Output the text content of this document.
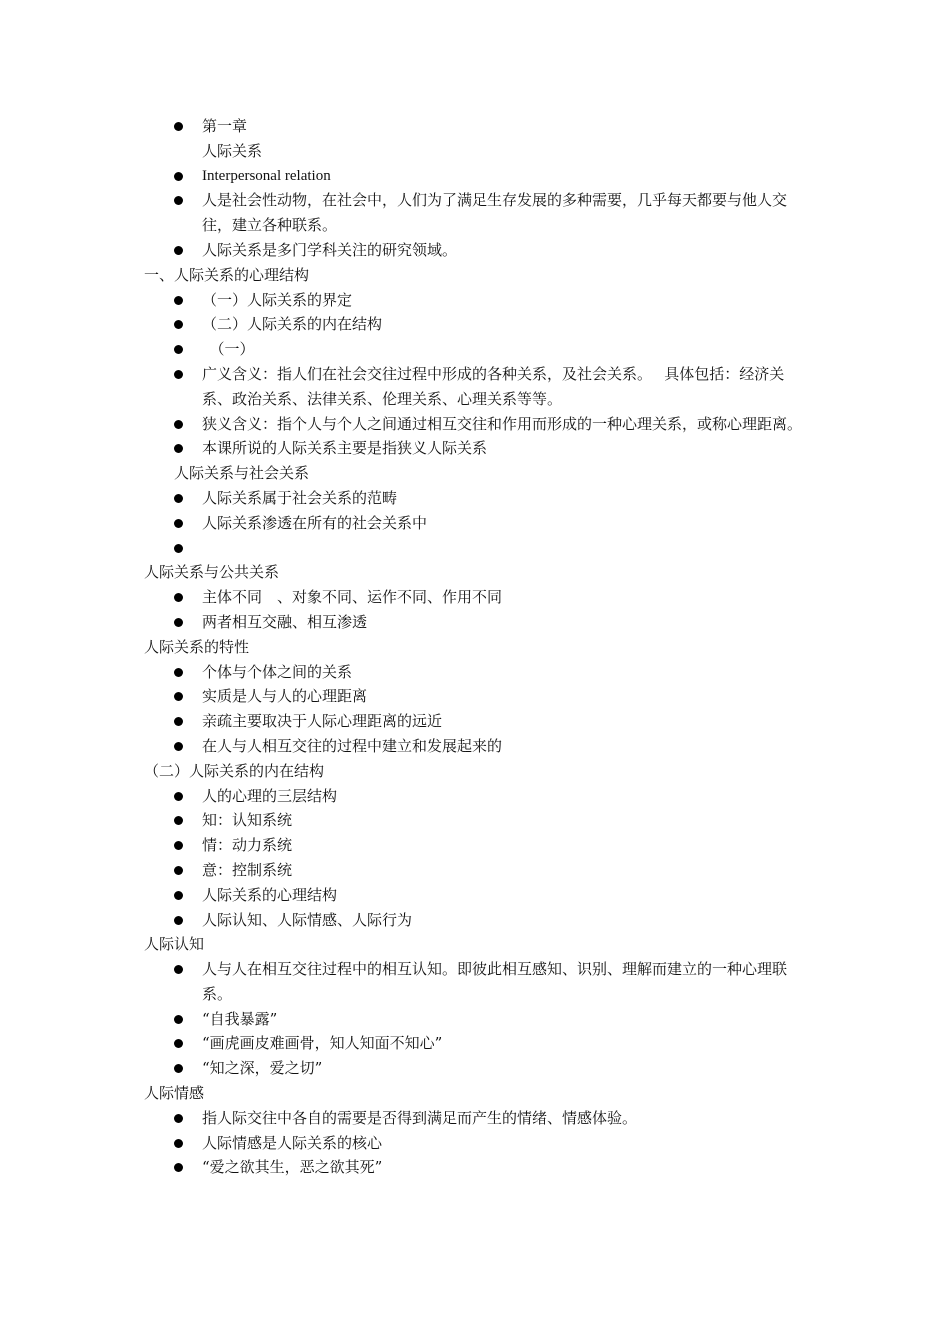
第一章
人际关系
Interpersonal relation
人是社会性动物，在社会中，人们为了满足生存发展的多种需要，几乎每天都要与他人交往，建立各种联系。
人际关系是多门学科关注的研究领域。
一、人际关系的心理结构
（一）人际关系的界定
（二）人际关系的内在结构
　（一）
广义含义：指人们在社会交往过程中形成的各种关系，及社会关系。　 具体包括：经济关系、政治关系、法律关系、伦理关系、心理关系等等。
狭义含义：指个人与个人之间通过相互交往和作用而形成的一种心理关系，或称心理距离。
本课所说的人际关系主要是指狭义人际关系
人际关系与社会关系
人际关系属于社会关系的范畴
人际关系渗透在所有的社会关系中
人际关系与公共关系
主体不同　、对象不同、运作不同、作用不同
两者相互交融、相互渗透
人际关系的特性
个体与个体之间的关系
实质是人与人的心理距离
亲疏主要取决于人际心理距离的远近
在人与人相互交往的过程中建立和发展起来的
（二）人际关系的内在结构
人的心理的三层结构
知：认知系统
情：动力系统
意：控制系统
人际关系的心理结构
人际认知、人际情感、人际行为
人际认知
人与人在相互交往过程中的相互认知。即彼此相互感知、识别、理解而建立的一种心理联系。
“自我暴露”
“画虎画皮难画骨，知人知面不知心”
“知之深，爱之切”
人际情感
指人际交往中各自的需要是否得到满足而产生的情绪、情感体验。
人际情感是人际关系的核心
“爱之欲其生，恶之欲其死”
